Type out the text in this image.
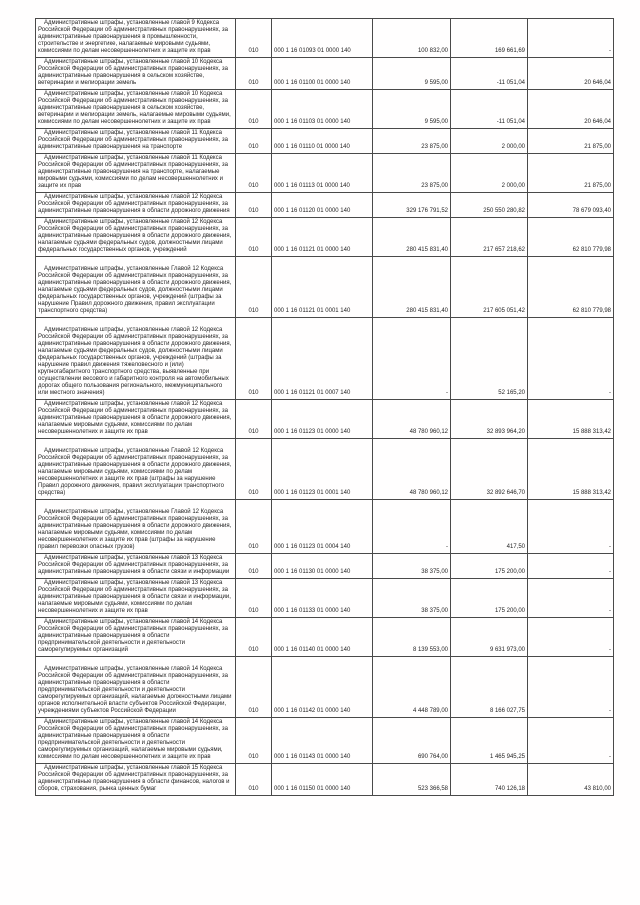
Административные штрафы, установленные главой 9 Кодекса Российской Федерации об административных правонарушениях, за административные правонарушения в промышленности, строительстве и энергетике, налагаемые мировыми судьями, комиссиями по делам несовершеннолетних и защите их прав	010	000 1 16 01093 01 0000 140	100 832,00	169 661,69	-
Административные штрафы, установленные главой 10 Кодекса Российской Федерации об административных правонарушениях, за административные правонарушения в сельском хозяйстве, ветеринарии и мелиорации земель	010	000 1 16 01100 01 0000 140	9 595,00	-11 051,04	20 646,04
Административные штрафы, установленные главой 10 Кодекса Российской Федерации об административных правонарушениях, за административные правонарушения в сельском хозяйстве, ветеринарии и мелиорации земель, налагаемые мировыми судьями, комиссиями по делам несовершеннолетних и защите их прав	010	000 1 16 01103 01 0000 140	9 595,00	-11 051,04	20 646,04
Административные штрафы, установленные главой 11 Кодекса Российской Федерации об административных правонарушениях, за административные правонарушения на транспорте	010	000 1 16 01110 01 0000 140	23 875,00	2 000,00	21 875,00
Административные штрафы, установленные главой 11 Кодекса Российской Федерации об административных правонарушениях, за административные правонарушения на транспорте, налагаемые мировыми судьями, комиссиями по делам несовершеннолетних и защите их прав	010	000 1 16 01113 01 0000 140	23 875,00	2 000,00	21 875,00
Административные штрафы, установленные главой 12 Кодекса Российской Федерации об административных правонарушениях, за административные правонарушения в области дорожного движения	010	000 1 16 01120 01 0000 140	329 176 791,52	250 550 280,82	78 679 093,40
Административные штрафы, установленные главой 12 Кодекса Российской Федерации об административных правонарушениях, за административные правонарушения в области дорожного движения, налагаемые судьями федеральных судов, должностными лицами федеральных государственных органов, учреждений	010	000 1 16 01121 01 0000 140	280 415 831,40	217 657 218,62	62 810 779,98
Административные штрафы, установленные Главой 12 Кодекса Российской Федерации об административных правонарушениях, за административные правонарушения в области дорожного движения, налагаемые судьями федеральных судов, должностными лицами федеральных государственных органов, учреждений (штрафы за нарушение Правил дорожного движения, правил эксплуатации транспортного средства)	010	000 1 16 01121 01 0001 140	280 415 831,40	217 605 051,42	62 810 779,98
Административные штрафы, установленные главой 12 Кодекса Российской Федерации об административных правонарушениях, за административные правонарушения в области дорожного движения, налагаемые судьями федеральных судов, должностными лицами федеральных государственных органов, учреждений (штрафы за нарушение правил движения тяжеловесного и (или) крупногабаритного транспортного средства, выявленные при осуществлении весового и габаритного контроля на автомобильных дорогах общего пользования регионального, межмуниципального или местного значения)	010	000 1 16 01121 01 0007 140	-	52 165,20	-
Административные штрафы, установленные главой 12 Кодекса Российской Федерации об административных правонарушениях, за административные правонарушения в области дорожного движения, налагаемые мировыми судьями, комиссиями по делам несовершеннолетних и защите их прав	010	000 1 16 01123 01 0000 140	48 780 960,12	32 893 964,20	15 888 313,42
Административные штрафы, установленные Главой 12 Кодекса Российской Федерации об административных правонарушениях, за административные правонарушения в области дорожного движения, налагаемые мировыми судьями, комиссиями по делам несовершеннолетних и защите их прав (штрафы за нарушение Правил дорожного движения, правил эксплуатации транспортного средства)	010	000 1 16 01123 01 0001 140	48 780 960,12	32 892 646,70	15 888 313,42
Административные штрафы, установленные Главой 12 Кодекса Российской Федерации об административных правонарушениях, за административные правонарушения в области дорожного движения, налагаемые мировыми судьями, комиссиями по делам несовершеннолетних и защите их прав (штрафы за нарушение правил перевозки опасных грузов)	010	000 1 16 01123 01 0004 140	-	417,50	-
Административные штрафы, установленные главой 13 Кодекса Российской Федерации об административных правонарушениях, за административные правонарушения в области связи и информации	010	000 1 16 01130 01 0000 140	38 375,00	175 200,00	-
Административные штрафы, установленные главой 13 Кодекса Российской Федерации об административных правонарушениях, за административные правонарушения в области связи и информации, налагаемые мировыми судьями, комиссиями по делам несовершеннолетних и защите их прав	010	000 1 16 01133 01 0000 140	38 375,00	175 200,00	-
Административные штрафы, установленные главой 14 Кодекса Российской Федерации об административных правонарушениях, за административные правонарушения в области предпринимательской деятельности и деятельности саморегулируемых организаций	010	000 1 16 01140 01 0000 140	8 139 553,00	9 631 973,00	-
Административные штрафы, установленные главой 14 Кодекса Российской Федерации об административных правонарушениях, за административные правонарушения в области предпринимательской деятельности и деятельности саморегулируемых организаций, налагаемые должностными лицами органов исполнительной власти субъектов Российской Федерации, учреждениями субъектов Российской Федерации	010	000 1 16 01142 01 0000 140	4 448 789,00	8 166 027,75	-
Административные штрафы, установленные главой 14 Кодекса Российской Федерации об административных правонарушениях, за административные правонарушения в области предпринимательской деятельности и деятельности саморегулируемых организаций, налагаемые мировыми судьями, комиссиями по делам несовершеннолетних и защите их прав	010	000 1 16 01143 01 0000 140	690 764,00	1 465 945,25	-
Административные штрафы, установленные главой 15 Кодекса Российской Федерации об административных правонарушениях, за административные правонарушения в области финансов, налогов и сборов, страхования, рынка ценных бумаг	010	000 1 16 01150 01 0000 140	523 366,58	740 126,18	43 810,00
